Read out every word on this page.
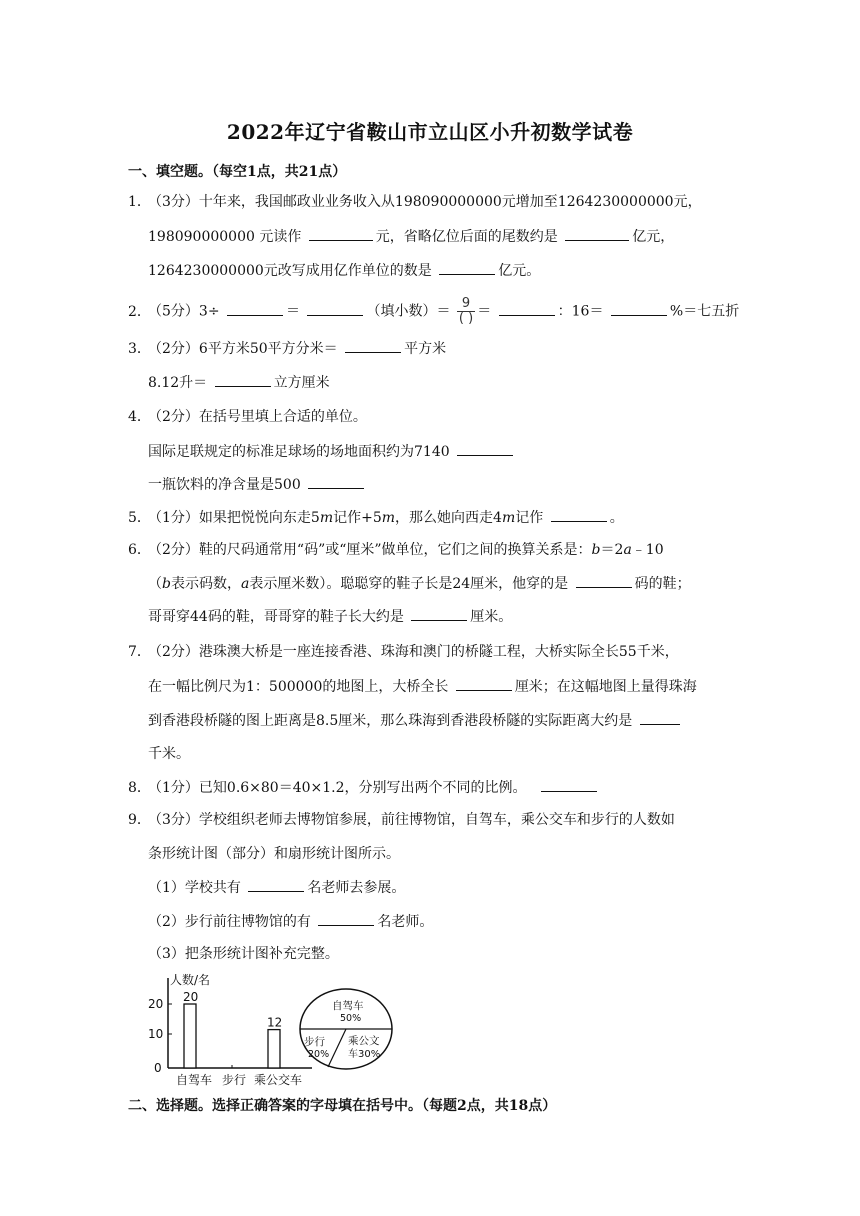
2022年辽宁省鞍山市立山区小升初数学试卷
一、填空题。（每空1点，共21点）
1．（3分）十年来，我国邮政业业务收入从198090000000元增加至1264230000000元，
198090000000 元读作	元，省略亿位后面的尾数约是	亿元，
1264230000000元改写成用亿作单位的数是	亿元。
2．（5分）3÷	＝	（填小数）＝ $\frac{9}{( )}$ ＝	：16＝	%＝七五折
3．（2分）6平方米50平方分米＝	平方米
8.12升＝	立方厘米
4．（2分）在括号里填上合适的单位。
国际足联规定的标准足球场的场地面积约为7140
一瓶饮料的净含量是500
5．（1分）如果把悦悦向东走5m记作+5m，那么她向西走4m记作	。
6．（2分）鞋的尺码通常用“码”或“厘米”做单位，它们之间的换算关系是：b＝2a﹣10
（b表示码数，a表示厘米数）。聪聪穿的鞋子长是24厘米，他穿的是	码的鞋；
哥哥穿44码的鞋，哥哥穿的鞋子长大约是	厘米。
7．（2分）港珠澳大桥是一座连接香港、珠海和澳门的桥隧工程，大桥实际全长55千米，
在一幅比例尺为1：500000的地图上，大桥全长	厘米；在这幅地图上量得珠海
到香港段桥隧的图上距离是8.5厘米，那么珠海到香港段桥隧的实际距离大约是
千米。
8．（1分）已知0.6×80＝40×1.2，分别写出两个不同的比例。
9．（3分）学校组织老师去博物馆参展，前往博物馆，自驾车，乘公交车和步行的人数如
条形统计图（部分）和扇形统计图所示。
（1）学校共有	名老师去参展。
（2）步行前往博物馆的有	名老师。
（3）把条形统计图补充完整。
人数/名
20
10
0
20
12
自驾车 步行 乘公交车
自驾车
50%
步行
20%
乘公文
车30%
二、选择题。选择正确答案的字母填在括号中。（每题2点，共18点）
